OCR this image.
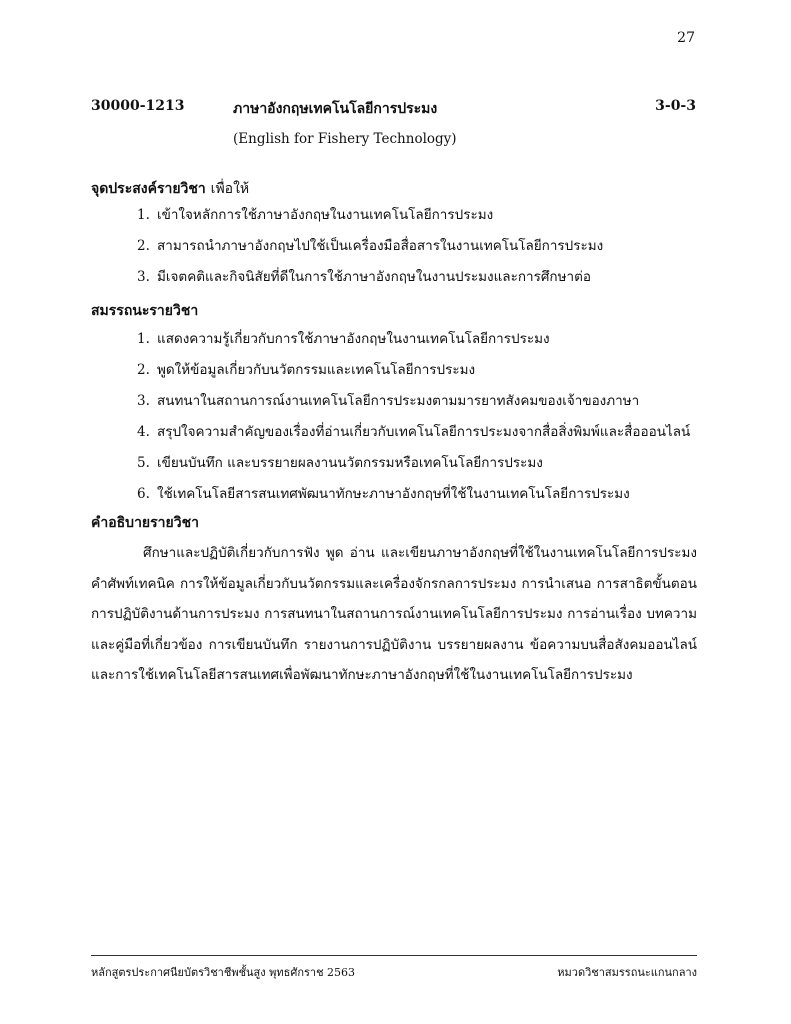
27
30000-1213	ภาษาอังกฤษเทคโนโลยีการประมง	3-0-3
(English for Fishery Technology)
จุดประสงค์รายวิชา เพื่อให้
1. เข้าใจหลักการใช้ภาษาอังกฤษในงานเทคโนโลยีการประมง
2. สามารถนำภาษาอังกฤษไปใช้เป็นเครื่องมือสื่อสารในงานเทคโนโลยีการประมง
3. มีเจตคติและกิจนิสัยที่ดีในการใช้ภาษาอังกฤษในงานประมงและการศึกษาต่อ
สมรรถนะรายวิชา
1. แสดงความรู้เกี่ยวกับการใช้ภาษาอังกฤษในงานเทคโนโลยีการประมง
2. พูดให้ข้อมูลเกี่ยวกับนวัตกรรมและเทคโนโลยีการประมง
3. สนทนาในสถานการณ์งานเทคโนโลยีการประมงตามมารยาทสังคมของเจ้าของภาษา
4. สรุปใจความสำคัญของเรื่องที่อ่านเกี่ยวกับเทคโนโลยีการประมงจากสื่อสิ่งพิมพ์และสื่อออนไลน์
5. เขียนบันทึก และบรรยายผลงานนวัตกรรมหรือเทคโนโลยีการประมง
6. ใช้เทคโนโลยีสารสนเทศพัฒนาทักษะภาษาอังกฤษที่ใช้ในงานเทคโนโลยีการประมง
คำอธิบายรายวิชา

ศึกษาและปฏิบัติเกี่ยวกับการฟัง พูด อ่าน และเขียนภาษาอังกฤษที่ใช้ในงานเทคโนโลยีการประมง คำศัพท์เทคนิค การให้ข้อมูลเกี่ยวกับนวัตกรรมและเครื่องจักรกลการประมง การนำเสนอ การสาธิตขั้นตอน การปฏิบัติงานด้านการประมง การสนทนาในสถานการณ์งานเทคโนโลยีการประมง การอ่านเรื่อง บทความ และคู่มือที่เกี่ยวข้อง การเขียนบันทึก รายงานการปฏิบัติงาน บรรยายผลงาน ข้อความบนสื่อสังคมออนไลน์ และการใช้เทคโนโลยีสารสนเทศเพื่อพัฒนาทักษะภาษาอังกฤษที่ใช้ในงานเทคโนโลยีการประมง

หลักสูตรประกาศนียบัตรวิชาชีพชั้นสูง พุทธศักราช 2563	หมวดวิชาสมรรถนะแกนกลาง
